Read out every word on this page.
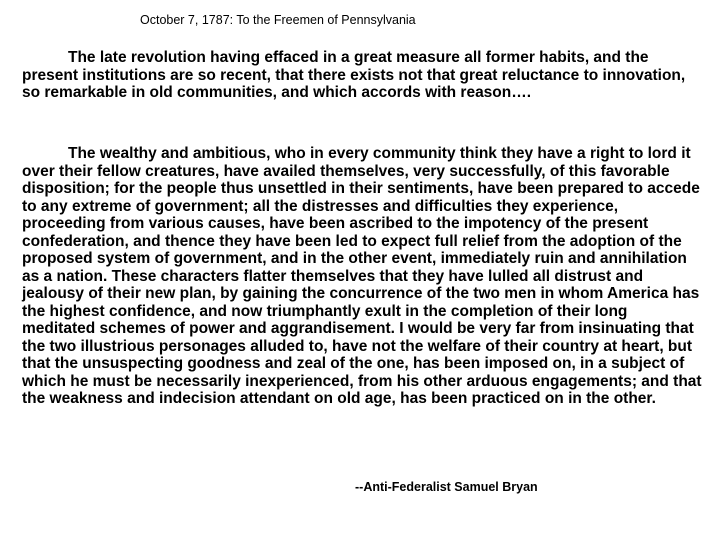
October 7, 1787: To the Freemen of Pennsylvania

The late revolution having effaced in a great measure all former habits, and the present institutions are so recent, that there exists not that great reluctance to innovation, so remarkable in old communities, and which accords with reason….

The wealthy and ambitious, who in every community think they have a right to lord it over their fellow creatures, have availed themselves, very successfully, of this favorable disposition; for the people thus unsettled in their sentiments, have been prepared to accede to any extreme of government; all the distresses and difficulties they experience, proceeding from various causes, have been ascribed to the impotency of the present confederation, and thence they have been led to expect full relief from the adoption of the proposed system of government, and in the other event, immediately ruin and annihilation as a nation. These characters flatter themselves that they have lulled all distrust and jealousy of their new plan, by gaining the concurrence of the two men in whom America has the highest confidence, and now triumphantly exult in the completion of their long meditated schemes of power and aggrandisement. I would be very far from insinuating that the two illustrious personages alluded to, have not the welfare of their country at heart, but that the unsuspecting goodness and zeal of the one, has been imposed on, in a subject of which he must be necessarily inexperienced, from his other arduous engagements; and that the weakness and indecision attendant on old age, has been practiced on in the other.

--Anti-Federalist Samuel Bryan
